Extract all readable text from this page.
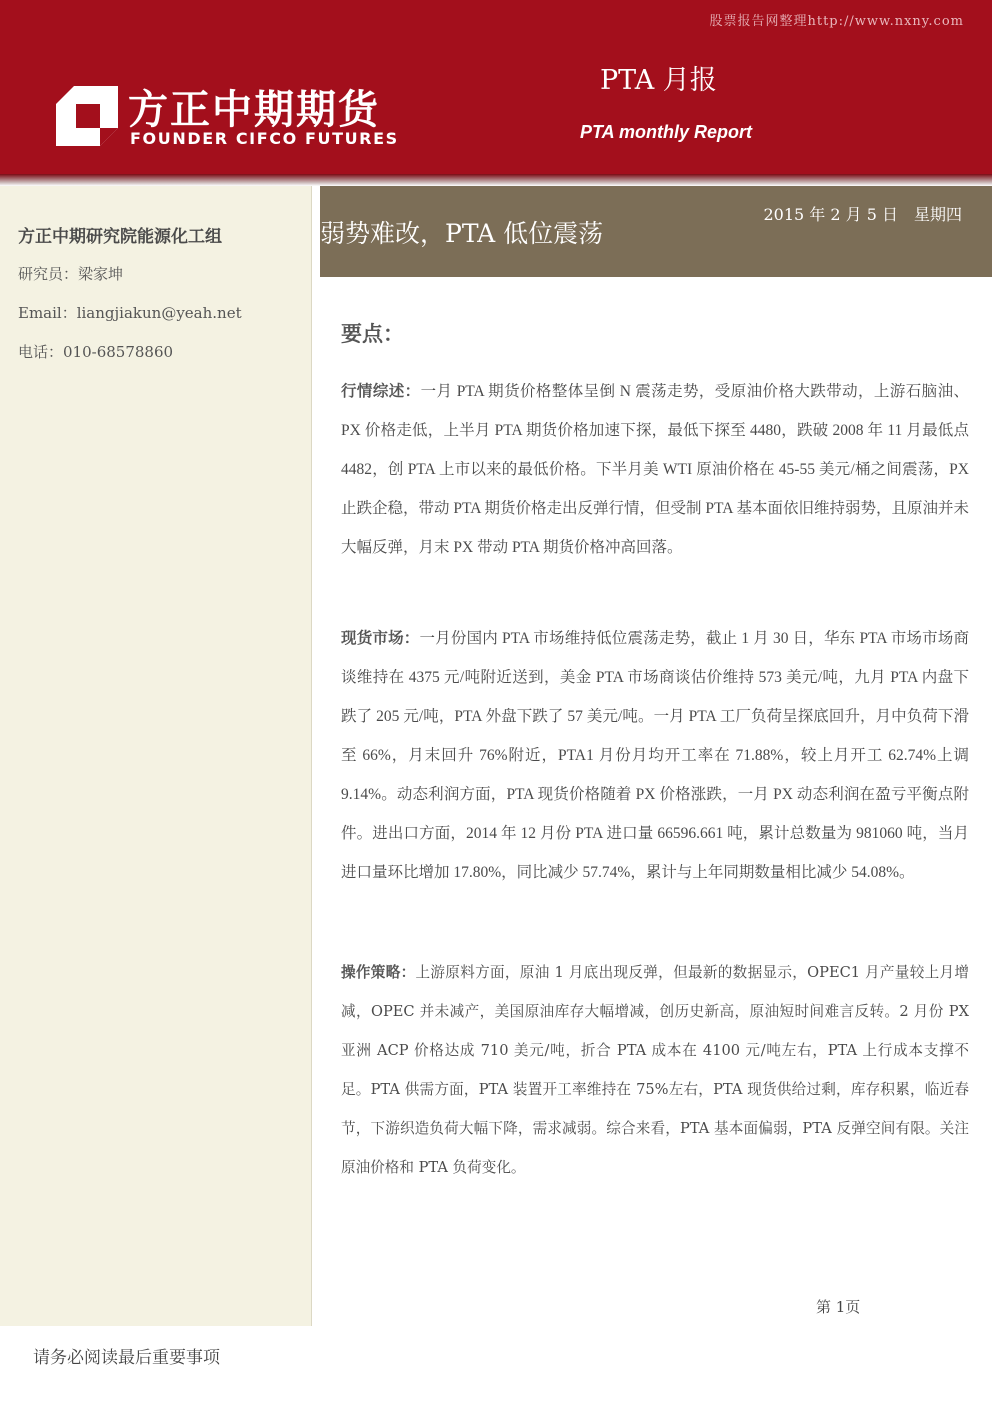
股票报告网整理http://www.nxny.com
方正中期期货
FOUNDER CIFCO FUTURES
PTA 月报
PTA monthly Report
方正中期研究院能源化工组
研究员：梁家坤
Email：liangjiakun@yeah.net
电话：010-68578860
2015 年 2 月 5 日　星期四
弱势难改，PTA 低位震荡
要点：
行情综述：一月 PTA 期货价格整体呈倒 N 震荡走势，受原油价格大跌带动，上游石脑油、PX 价格走低，上半月 PTA 期货价格加速下探，最低下探至 4480，跌破 2008 年 11 月最低点 4482，创 PTA 上市以来的最低价格。下半月美 WTI 原油价格在 45-55 美元/桶之间震荡，PX 止跌企稳，带动 PTA 期货价格走出反弹行情，但受制 PTA 基本面依旧维持弱势，且原油并未大幅反弹，月末 PX 带动 PTA 期货价格冲高回落。
现货市场：一月份国内 PTA 市场维持低位震荡走势，截止 1 月 30 日，华东 PTA 市场市场商谈维持在 4375 元/吨附近送到，美金 PTA 市场商谈估价维持 573 美元/吨，九月 PTA 内盘下跌了 205 元/吨，PTA 外盘下跌了 57 美元/吨。一月 PTA 工厂负荷呈探底回升，月中负荷下滑至 66%，月末回升 76%附近，PTA1 月份月均开工率在 71.88%，较上月开工 62.74%上调 9.14%。动态利润方面，PTA 现货价格随着 PX 价格涨跌，一月 PX 动态利润在盈亏平衡点附件。进出口方面，2014 年 12 月份 PTA 进口量 66596.661 吨，累计总数量为 981060 吨，当月进口量环比增加 17.80%，同比减少 57.74%，累计与上年同期数量相比减少 54.08%。
操作策略：上游原料方面，原油 1 月底出现反弹，但最新的数据显示，OPEC1 月产量较上月增减，OPEC 并未减产，美国原油库存大幅增减，创历史新高，原油短时间难言反转。2 月份 PX 亚洲 ACP 价格达成 710 美元/吨，折合 PTA 成本在 4100 元/吨左右，PTA 上行成本支撑不足。PTA 供需方面，PTA 装置开工率维持在 75%左右，PTA 现货供给过剩，库存积累，临近春节，下游织造负荷大幅下降，需求减弱。综合来看，PTA 基本面偏弱，PTA 反弹空间有限。关注原油价格和 PTA 负荷变化。
第 1页
请务必阅读最后重要事项
